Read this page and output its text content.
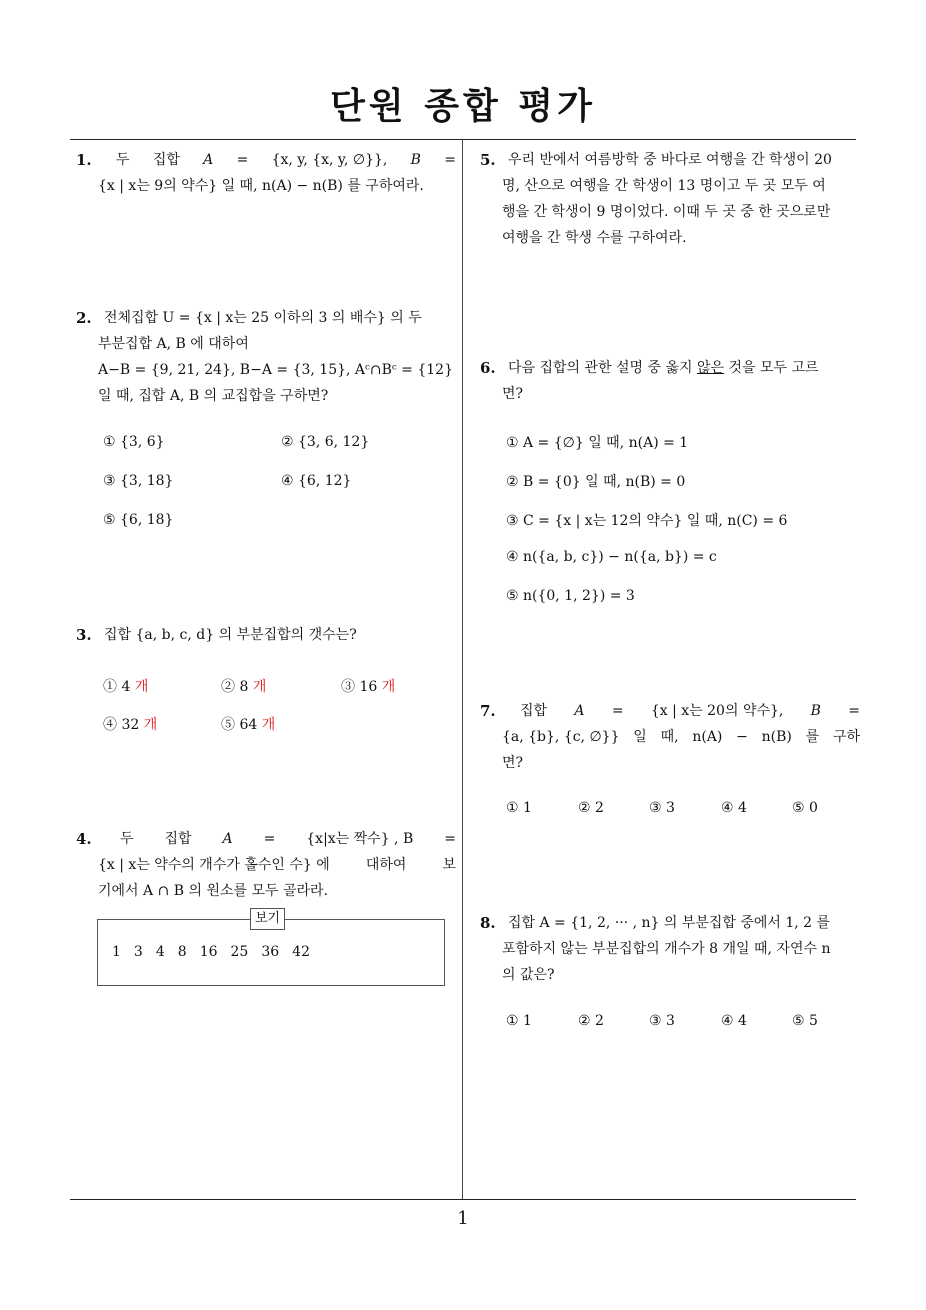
단원 종합 평가
1
1. 두 집합 A = {x, y, {x, y, ∅}}, B =
{x | x는 9의 약수} 일 때, n(A) − n(B) 를 구하여라.
2. 전체집합 U = {x | x는 25 이하의 3 의 배수} 의 두
부분집합 A, B 에 대하여
A−B = {9, 21, 24}, B−A = {3, 15}, Aᶜ∩Bᶜ = {12}
일 때, 집합 A, B 의 교집합을 구하면?
① {3, 6}	② {3, 6, 12}
③ {3, 18}	④ {6, 12}
⑤ {6, 18}
3. 집합 {a, b, c, d} 의 부분집합의 갯수는?
① 4 개	② 8 개	③ 16 개
④ 32 개	⑤ 64 개
4. 두 집합 A = {x|x는 짝수} , B =
{x | x는 약수의 개수가 홀수인 수} 에	대하여	보
기에서 A ∩ B 의 원소를 모두 골라라.
보기
1 3 4 8 16 25 36 42
5. 우리 반에서 여름방학 중 바다로 여행을 간 학생이 20
명, 산으로 여행을 간 학생이 13 명이고 두 곳 모두 여
행을 간 학생이 9 명이었다. 이때 두 곳 중 한 곳으로만
여행을 간 학생 수를 구하여라.
6. 다음 집합의 관한 설명 중 옳지 않은 것을 모두 고르
면?
① A = {∅} 일 때, n(A) = 1
② B = {0} 일 때, n(B) = 0
③ C = {x | x는 12의 약수} 일 때, n(C) = 6
④ n({a, b, c}) − n({a, b}) = c
⑤ n({0, 1, 2}) = 3
7. 집합 A = {x | x는 20의 약수}, B =
{a, {b}, {c, ∅}} 일 때, n(A) − n(B) 를 구하
면?
① 1	② 2	③ 3	④ 4	⑤ 0
8. 집합 A = {1, 2, ··· , n} 의 부분집합 중에서 1, 2 를
포함하지 않는 부분집합의 개수가 8 개일 때, 자연수 n
의 값은?
① 1	② 2	③ 3	④ 4	⑤ 5
